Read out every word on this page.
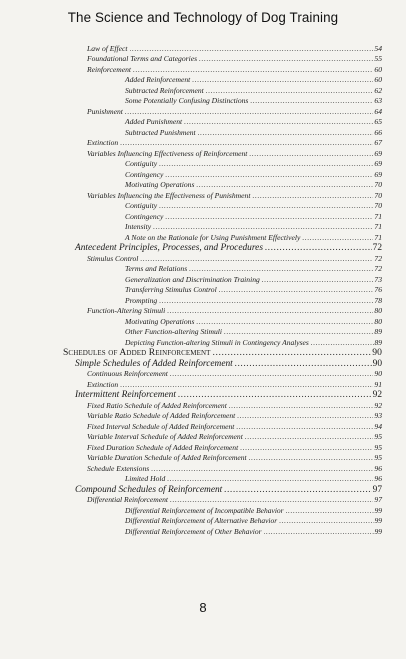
The Science and Technology of Dog Training
Law of Effect .....	54
Foundational Terms and Categories .....	55
Reinforcement .....	60
Added Reinforcement .....	60
Subtracted Reinforcement .....	62
Some Potentially Confusing Distinctions .....	63
Punishment .....	64
Added Punishment .....	65
Subtracted Punishment .....	66
Extinction .....	67
Variables Influencing Effectiveness of Reinforcement .....	69
Contiguity .....	69
Contingency .....	69
Motivating Operations .....	70
Variables Influencing the Effectiveness of Punishment .....	70
Contiguity .....	70
Contingency .....	71
Intensity .....	71
A Note on the Rationale for Using Punishment Effectively .....	71
Antecedent Principles, Processes, and Procedures .....	72
Stimulus Control .....	72
Terms and Relations .....	72
Generalization and Discrimination Training .....	73
Transferring Stimulus Control .....	76
Prompting .....	78
Function-Altering Stimuli .....	80
Motivating Operations .....	80
Other Function-altering Stimuli .....	89
Depicting Function-altering Stimuli in Contingency Analyses .....	89
Schedules of Added Reinforcement .....	90
Simple Schedules of Added Reinforcement .....	90
Continuous Reinforcement .....	90
Extinction .....	91
Intermittent Reinforcement .....	92
Fixed Ratio Schedule of Added Reinforcement .....	92
Variable Ratio Schedule of Added Reinforcement .....	93
Fixed Interval Schedule of Added Reinforcement .....	94
Variable Interval Schedule of Added Reinforcement .....	95
Fixed Duration Schedule of Added Reinforcement .....	95
Variable Duration Schedule of Added Reinforcement .....	95
Schedule Extensions .....	96
Limited Hold .....	96
Compound Schedules of Reinforcement .....	97
Differential Reinforcement .....	97
Differential Reinforcement of Incompatible Behavior .....	99
Differential Reinforcement of Alternative Behavior .....	99
Differential Reinforcement of Other Behavior .....	99
8
